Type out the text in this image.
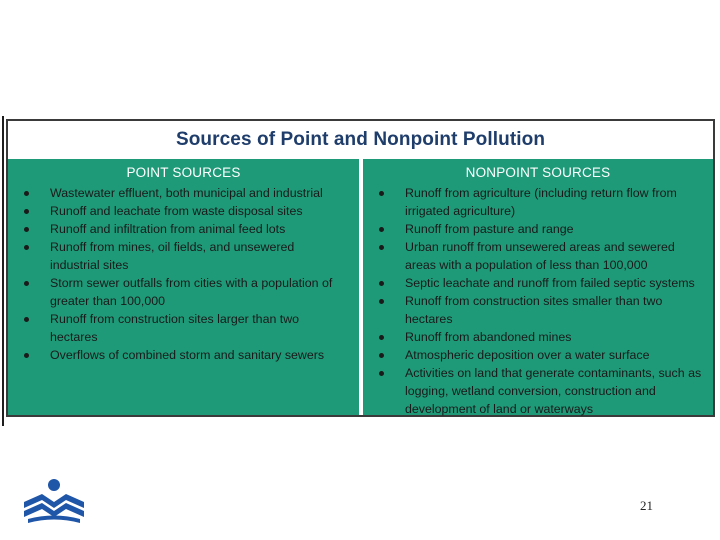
Sources of Point and Nonpoint Pollution
POINT SOURCES
Wastewater effluent, both municipal and industrial
Runoff and leachate from waste disposal sites
Runoff and infiltration from animal feed lots
Runoff from mines, oil fields, and unsewered industrial sites
Storm sewer outfalls from cities with a population of greater than 100,000
Runoff from construction sites larger than two hectares
Overflows of combined storm and sanitary sewers
NONPOINT SOURCES
Runoff from agriculture (including return flow from irrigated agriculture)
Runoff from pasture and range
Urban runoff from unsewered areas and sewered areas with a population of less than 100,000
Septic leachate and runoff from failed septic systems
Runoff from construction sites smaller than two hectares
Runoff from abandoned mines
Atmospheric deposition over a water surface
Activities on land that generate contaminants, such as logging, wetland conversion, construction and development of land or waterways
21
